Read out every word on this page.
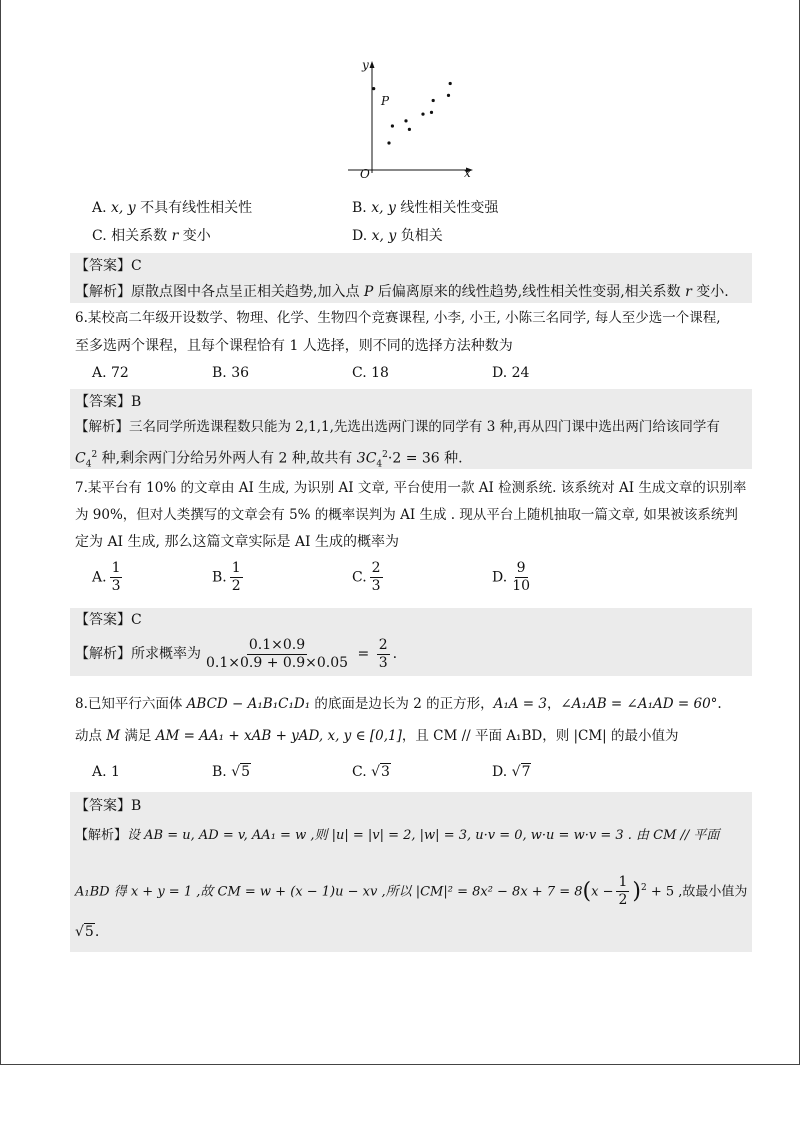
y
x
O
P
A. x, y 不具有线性相关性	B. x, y 线性相关性变强
C. 相关系数 r 变小	D. x, y 负相关
【答案】C
【解析】原散点图中各点呈正相关趋势,加入点 P 后偏离原来的线性趋势,线性相关性变弱,相关系数 r 变小.
6.某校高二年级开设数学、物理、化学、生物四个竞赛课程, 小李, 小王, 小陈三名同学, 每人至少选一个课程,
至多选两个课程，且每个课程恰有 1 人选择，则不同的选择方法种数为
A. 72	B. 36	C. 18	D. 24
【答案】B
【解析】三名同学所选课程数只能为 2,1,1,先选出选两门课的同学有 3 种,再从四门课中选出两门给该同学有
$C_4^2$ 种,剩余两门分给另外两人有 2 种,故共有 $3C_4^2\cdot 2 = 36$ 种.
7.某平台有 10% 的文章由 AI 生成, 为识别 AI 文章, 平台使用一款 AI 检测系统. 该系统对 AI 生成文章的识别率
为 90%，但对人类撰写的文章会有 5% 的概率误判为 AI 生成 . 现从平台上随机抽取一篇文章, 如果被该系统判
定为 AI 生成, 那么这篇文章实际是 AI 生成的概率为
A. $\frac{1}{3}$	B. $\frac{1}{2}$	C. $\frac{2}{3}$	D. $\frac{9}{10}$
【答案】C
【解析】所求概率为 $\frac{0.1\times 0.9}{0.1\times 0.9 + 0.9\times 0.05} = \frac{2}{3}$ .
8.已知平行六面体 ABCD − A₁B₁C₁D₁ 的底面是边长为 2 的正方形，A₁A = 3，∠A₁AB = ∠A₁AD = 60°.
动点 M 满足 AM = AA₁ + xAB + yAD, x, y ∈ [0,1]，且 CM // 平面 A₁BD，则 |CM| 的最小值为
A. 1	B. √5	C. √3	D. √7
【答案】B
【解析】设 AB = u, AD = v, AA₁ = w ,则 |u| = |v| = 2, |w| = 3, u·v = 0, w·u = w·v = 3 . 由 CM // 平面
A₁BD 得 x + y = 1 ,故 CM = w + (x − 1)u − xv ,所以 $|CM|^2 = 8x^2 - 8x + 7 = 8(x - \frac{1}{2} )^2 + 5$ ,故最小值为
√5.
